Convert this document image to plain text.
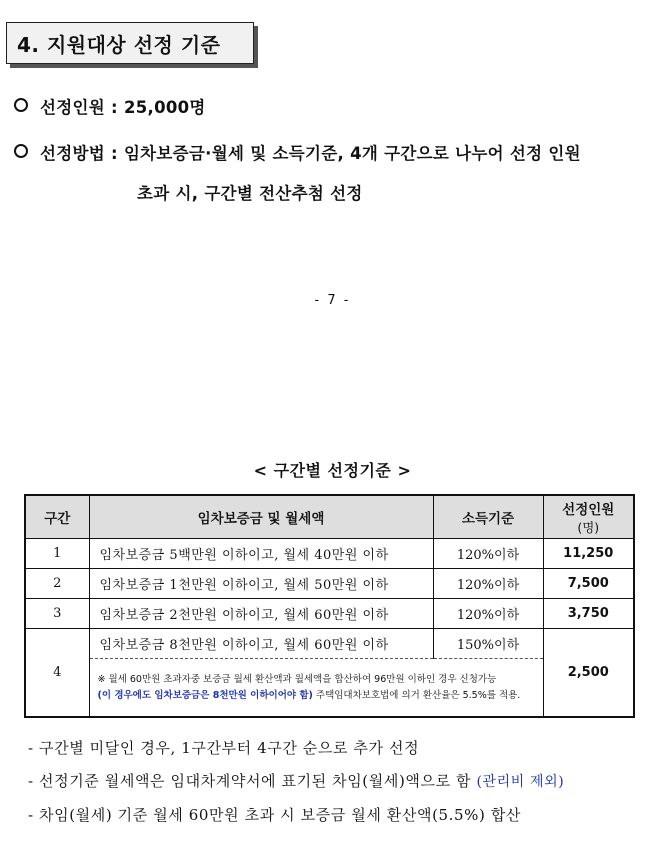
4. 지원대상 선정 기준
선정인원 : 25,000명
선정방법 : 임차보증금·월세 및 소득기준, 4개 구간으로 나누어 선정 인원
초과 시, 구간별 전산추첨 선정
- 7 -
< 구간별 선정기준 >
구간	임차보증금 및 월세액	소득기준	선정인원
(명)

1	임차보증금 5백만원 이하이고, 월세 40만원 이하	120%이하	11,250
2	임차보증금 1천만원 이하이고, 월세 50만원 이하	120%이하	7,500
3	임차보증금 2천만원 이하이고, 월세 60만원 이하	120%이하	3,750
4	임차보증금 8천만원 이하이고, 월세 60만원 이하	150%이하	2,500

	※ 월세 60만원 초과자중 보증금 월세 환산액과 월세액을 합산하여 96만원 이하인 경우 신청가능
(이 경우에도 임차보증금은 8천만원 이하이어야 함) 주택임대차보호법에 의거 환산율은 5.5%를 적용.		
- 구간별 미달인 경우, 1구간부터 4구간 순으로 추가 선정
- 선정기준 월세액은 임대차계약서에 표기된 차임(월세)액으로 함 (관리비 제외)
- 차임(월세) 기준 월세 60만원 초과 시 보증금 월세 환산액(5.5%) 합산
